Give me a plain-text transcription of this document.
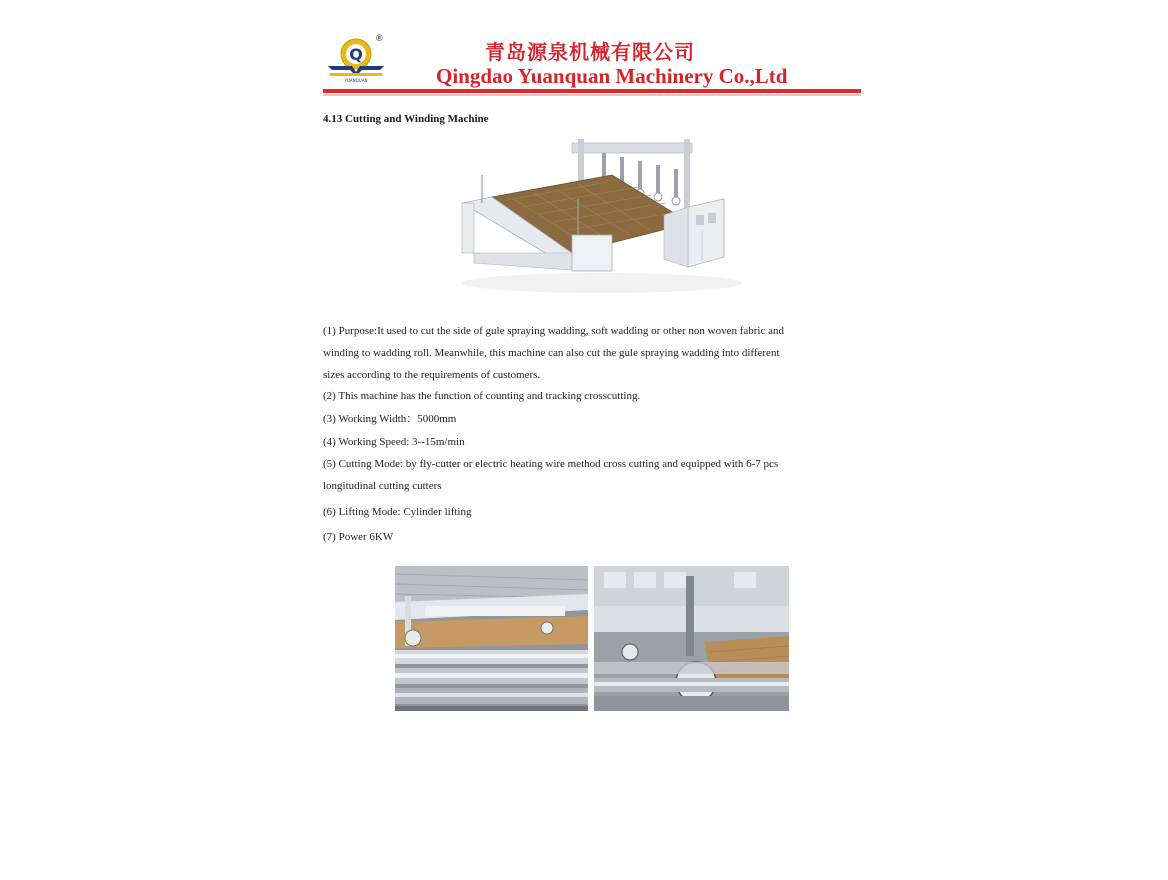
Q
YUANQUAN
®
青岛源泉机械有限公司
Qingdao Yuanquan Machinery Co.,Ltd
4.13 Cutting and Winding Machine
(1) Purpose:It used to cut the side of gule spraying wadding, soft wadding or other non woven fabric and
winding to wadding roll. Meanwhile, this machine can also cut the gule spraying wadding into different
sizes according to the requirements of customers.
(2) This machine has the function of counting and tracking crosscutting.
(3) Working Width：5000mm
(4) Working Speed: 3--15m/min
(5) Cutting Mode: by fly-cutter or electric heating wire method cross cutting and equipped with 6-7 pcs
longitudinal cutting cutters
(6) Lifting Mode: Cylinder lifting
(7) Power 6KW
